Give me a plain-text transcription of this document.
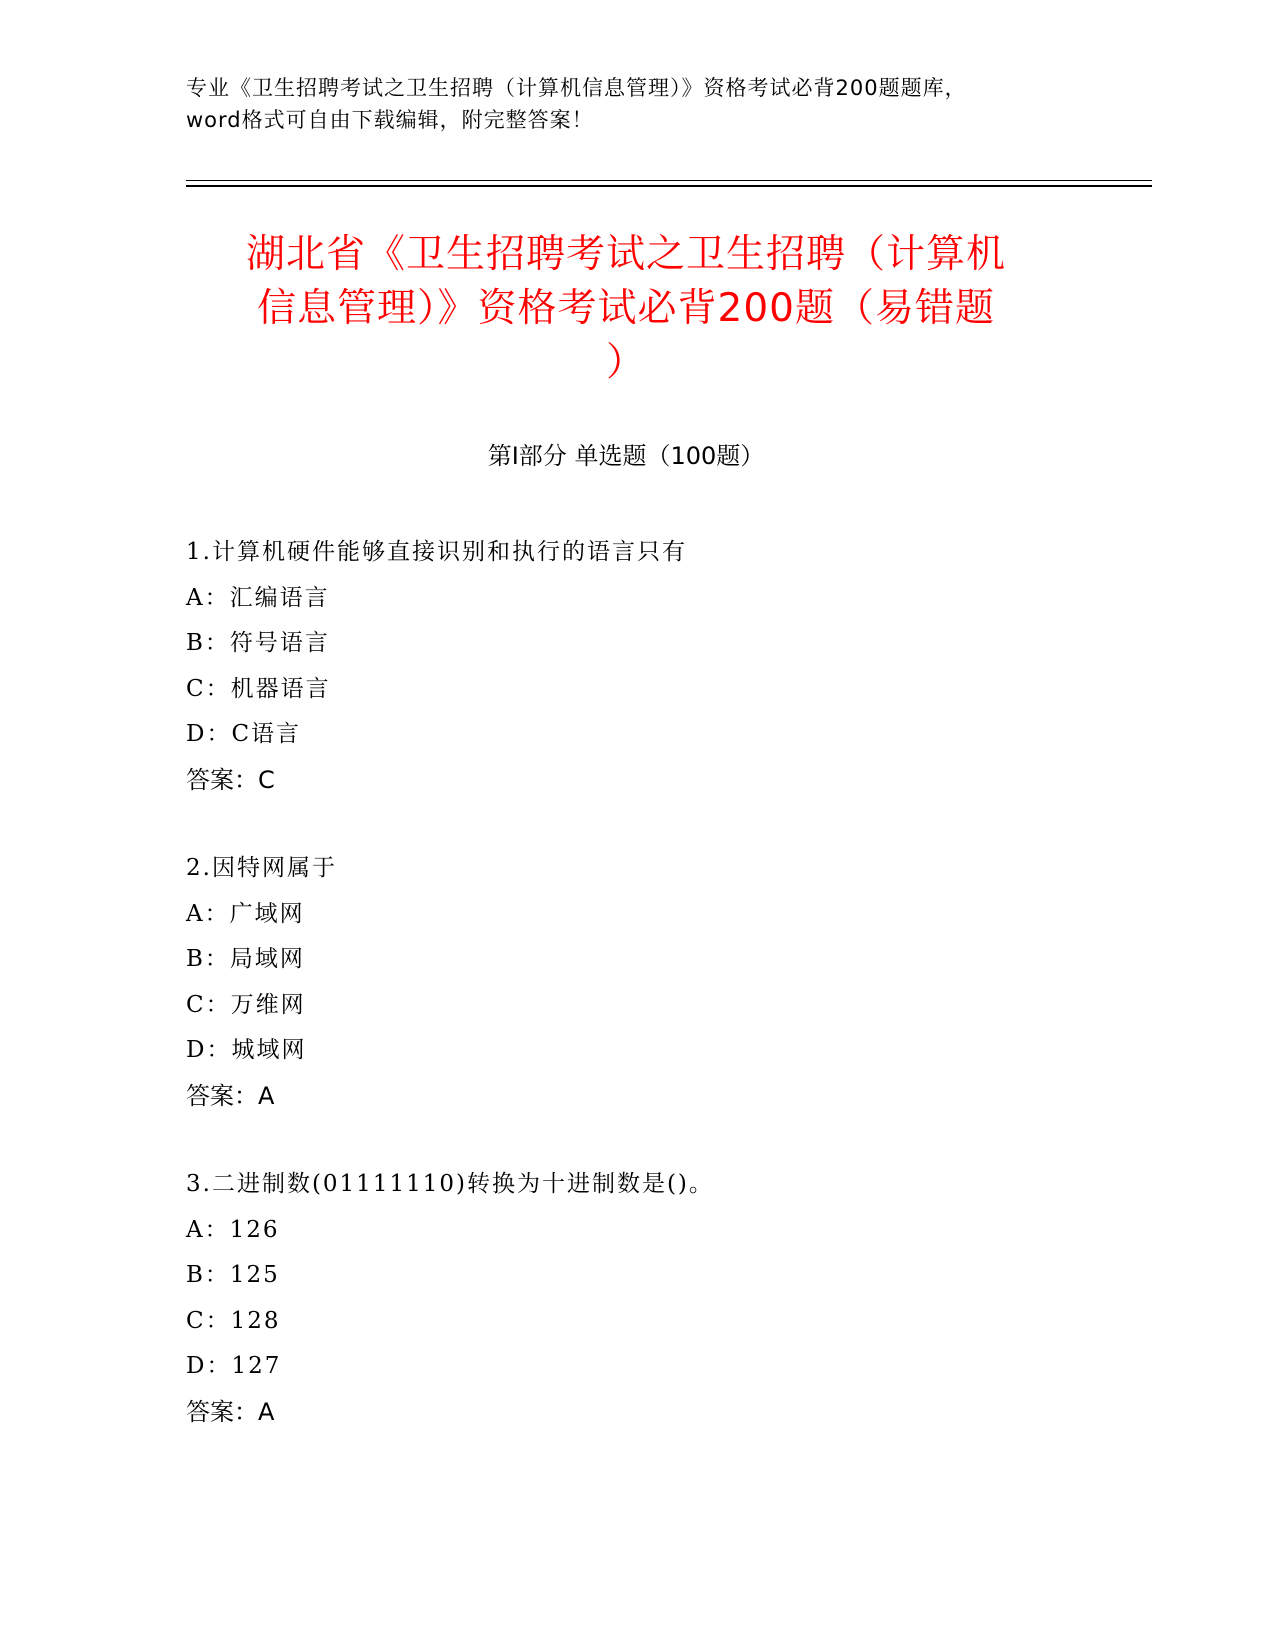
专业《卫生招聘考试之卫生招聘（计算机信息管理）》资格考试必背200题题库，
word格式可自由下载编辑，附完整答案！
湖北省《卫生招聘考试之卫生招聘（计算机
信息管理）》资格考试必背200题（易错题
）
第Ⅰ部分 单选题（100题）
1.计算机硬件能够直接识别和执行的语言只有
A：汇编语言
B：符号语言
C：机器语言
D：C语言
答案：C
2.因特网属于
A：广域网
B：局域网
C：万维网
D：城域网
答案：A
3.二进制数(01111110)转换为十进制数是()。
A：126
B：125
C：128
D：127
答案：A
